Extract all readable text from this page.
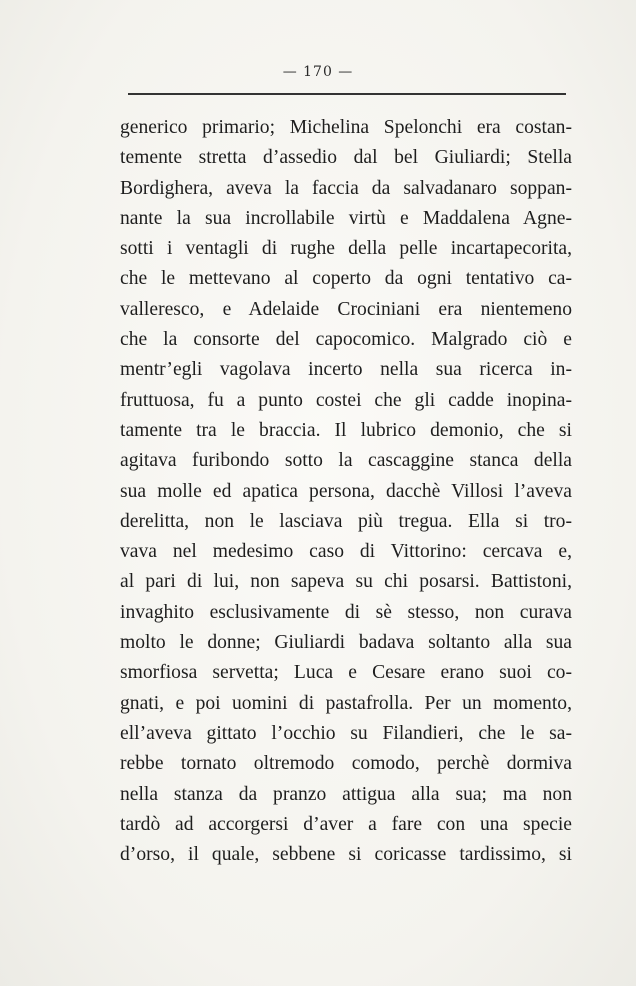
— 170 —
generico primario; Michelina Spelonchi era costan-
temente stretta d’assedio dal bel Giuliardi; Stella
Bordighera, aveva la faccia da salvadanaro soppan-
nante la sua incrollabile virtù e Maddalena Agne-
sotti i ventagli di rughe della pelle incartapecorita,
che le mettevano al coperto da ogni tentativo ca-
valleresco, e Adelaide Crociniani era nientemeno
che la consorte del capocomico. Malgrado ciò e
mentr’egli vagolava incerto nella sua ricerca in-
fruttuosa, fu a punto costei che gli cadde inopina-
tamente tra le braccia. Il lubrico demonio, che si
agitava furibondo sotto la cascaggine stanca della
sua molle ed apatica persona, dacchè Villosi l’aveva
derelitta, non le lasciava più tregua. Ella si tro-
vava nel medesimo caso di Vittorino: cercava e,
al pari di lui, non sapeva su chi posarsi. Battistoni,
invaghito esclusivamente di sè stesso, non curava
molto le donne; Giuliardi badava soltanto alla sua
smorfiosa servetta; Luca e Cesare erano suoi co-
gnati, e poi uomini di pastafrolla. Per un momento,
ell’aveva gittato l’occhio su Filandieri, che le sa-
rebbe tornato oltremodo comodo, perchè dormiva
nella stanza da pranzo attigua alla sua; ma non
tardò ad accorgersi d’aver a fare con una specie
d’orso, il quale, sebbene si coricasse tardissimo, si
